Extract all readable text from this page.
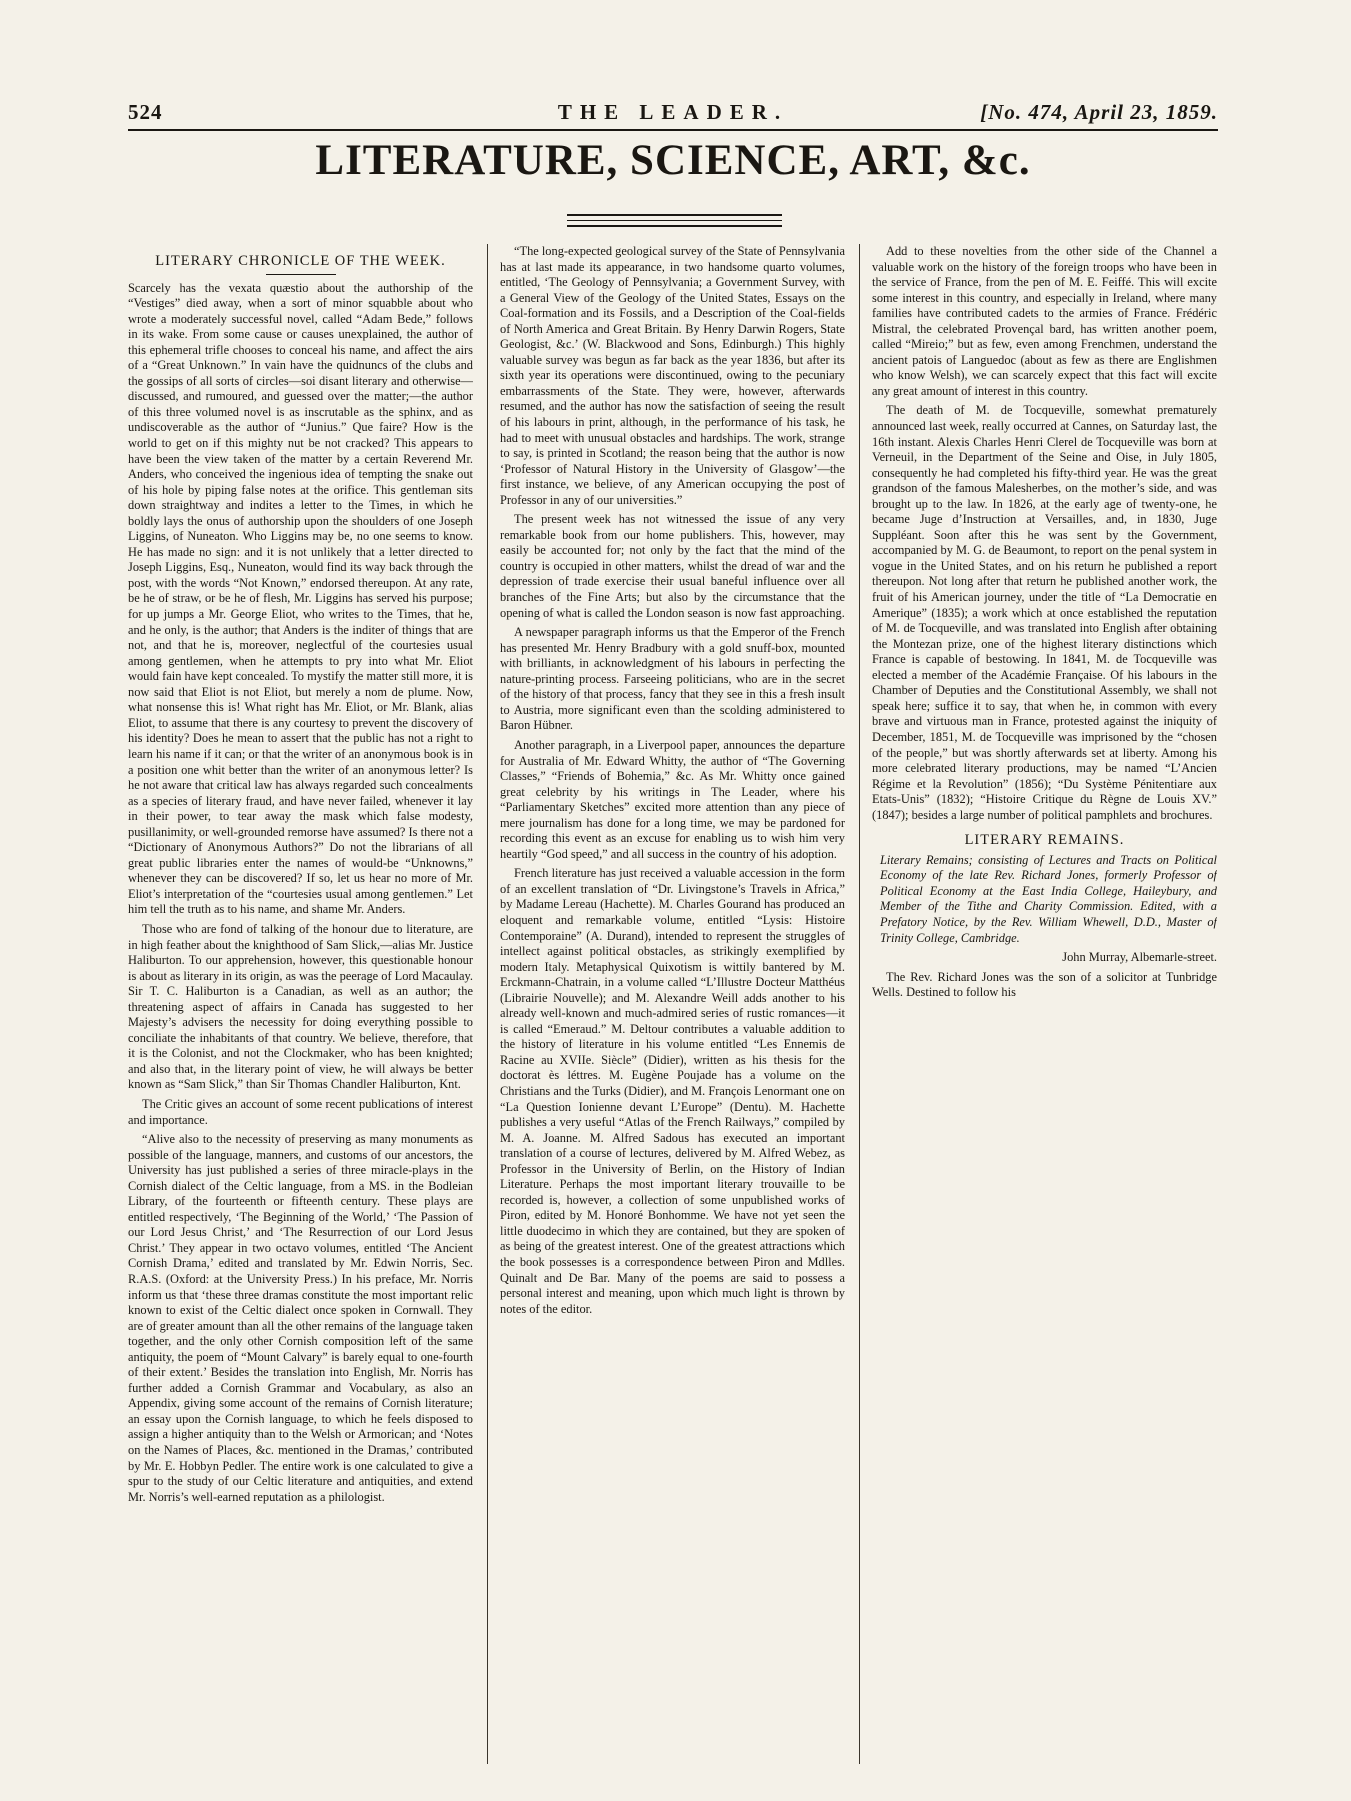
524	THE LEADER.	[No. 474, April 23, 1859.
LITERATURE, SCIENCE, ART, &c.
LITERARY CHRONICLE OF THE WEEK.

Scarcely has the vexata quæstio about the authorship of the “Vestiges” died away, when a sort of minor squabble about who wrote a moderately successful novel, called “Adam Bede,” follows in its wake. From some cause or causes unexplained, the author of this ephemeral trifle chooses to conceal his name, and affect the airs of a “Great Unknown.” In vain have the quidnuncs of the clubs and the gossips of all sorts of circles—soi disant literary and otherwise—discussed, and rumoured, and guessed over the matter;—the author of this three volumed novel is as inscrutable as the sphinx, and as undiscoverable as the author of “Junius.” Que faire? How is the world to get on if this mighty nut be not cracked? This appears to have been the view taken of the matter by a certain Reverend Mr. Anders, who conceived the ingenious idea of tempting the snake out of his hole by piping false notes at the orifice. This gentleman sits down straightway and indites a letter to the Times, in which he boldly lays the onus of authorship upon the shoulders of one Joseph Liggins, of Nuneaton. Who Liggins may be, no one seems to know. He has made no sign: and it is not unlikely that a letter directed to Joseph Liggins, Esq., Nuneaton, would find its way back through the post, with the words “Not Known,” endorsed thereupon. At any rate, be he of straw, or be he of flesh, Mr. Liggins has served his purpose; for up jumps a Mr. George Eliot, who writes to the Times, that he, and he only, is the author; that Anders is the inditer of things that are not, and that he is, moreover, neglectful of the courtesies usual among gentlemen, when he attempts to pry into what Mr. Eliot would fain have kept concealed. To mystify the matter still more, it is now said that Eliot is not Eliot, but merely a nom de plume. Now, what nonsense this is! What right has Mr. Eliot, or Mr. Blank, alias Eliot, to assume that there is any courtesy to prevent the discovery of his identity? Does he mean to assert that the public has not a right to learn his name if it can; or that the writer of an anonymous book is in a position one whit better than the writer of an anonymous letter? Is he not aware that critical law has always regarded such concealments as a species of literary fraud, and have never failed, whenever it lay in their power, to tear away the mask which false modesty, pusillanimity, or well-grounded remorse have assumed? Is there not a “Dictionary of Anonymous Authors?” Do not the librarians of all great public libraries enter the names of would-be “Unknowns,” whenever they can be discovered? If so, let us hear no more of Mr. Eliot’s interpretation of the “courtesies usual among gentlemen.” Let him tell the truth as to his name, and shame Mr. Anders.

Those who are fond of talking of the honour due to literature, are in high feather about the knighthood of Sam Slick,—alias Mr. Justice Haliburton. To our apprehension, however, this questionable honour is about as literary in its origin, as was the peerage of Lord Macaulay. Sir T. C. Haliburton is a Canadian, as well as an author; the threatening aspect of affairs in Canada has suggested to her Majesty’s advisers the necessity for doing everything possible to conciliate the inhabitants of that country. We believe, therefore, that it is the Colonist, and not the Clockmaker, who has been knighted; and also that, in the literary point of view, he will always be better known as “Sam Slick,” than Sir Thomas Chandler Haliburton, Knt.

The Critic gives an account of some recent publications of interest and importance.

“Alive also to the necessity of preserving as many monuments as possible of the language, manners, and customs of our ancestors, the University has just published a series of three miracle-plays in the Cornish dialect of the Celtic language, from a MS. in the Bodleian Library, of the fourteenth or fifteenth century. These plays are entitled respectively, ‘The Beginning of the World,’ ‘The Passion of our Lord Jesus Christ,’ and ‘The Resurrection of our Lord Jesus Christ.’ They appear in two octavo volumes, entitled ‘The Ancient Cornish Drama,’ edited and translated by Mr. Edwin Norris, Sec. R.A.S. (Oxford: at the University Press.) In his preface, Mr. Norris inform us that ‘these three dramas constitute the most important relic known to exist of the Celtic dialect once spoken in Cornwall. They are of greater amount than all the other remains of the language taken together, and the only other Cornish composition left of the same antiquity, the poem of “Mount Calvary” is barely equal to one-fourth of their extent.’ Besides the translation into English, Mr. Norris has further added a Cornish Grammar and Vocabulary, as also an Appendix, giving some account of the remains of Cornish literature; an essay upon the Cornish language, to which he feels disposed to assign a higher antiquity than to the Welsh or Armorican; and ‘Notes on the Names of Places, &c. mentioned in the Dramas,’ contributed by Mr. E. Hobbyn Pedler. The entire work is one calculated to give a spur to the study of our Celtic literature and antiquities, and extend Mr. Norris’s well-earned reputation as a philologist.

“The long-expected geological survey of the State of Pennsylvania has at last made its appearance, in two handsome quarto volumes, entitled, ‘The Geology of Pennsylvania; a Government Survey, with a General View of the Geology of the United States, Essays on the Coal-formation and its Fossils, and a Description of the Coal-fields of North America and Great Britain. By Henry Darwin Rogers, State Geologist, &c.’ (W. Blackwood and Sons, Edinburgh.) This highly valuable survey was begun as far back as the year 1836, but after its sixth year its operations were discontinued, owing to the pecuniary embarrassments of the State. They were, however, afterwards resumed, and the author has now the satisfaction of seeing the result of his labours in print, although, in the performance of his task, he had to meet with unusual obstacles and hardships. The work, strange to say, is printed in Scotland; the reason being that the author is now ‘Professor of Natural History in the University of Glasgow’—the first instance, we believe, of any American occupying the post of Professor in any of our universities.”

The present week has not witnessed the issue of any very remarkable book from our home publishers. This, however, may easily be accounted for; not only by the fact that the mind of the country is occupied in other matters, whilst the dread of war and the depression of trade exercise their usual baneful influence over all branches of the Fine Arts; but also by the circumstance that the opening of what is called the London season is now fast approaching.

A newspaper paragraph informs us that the Emperor of the French has presented Mr. Henry Bradbury with a gold snuff-box, mounted with brilliants, in acknowledgment of his labours in perfecting the nature-printing process. Farseeing politicians, who are in the secret of the history of that process, fancy that they see in this a fresh insult to Austria, more significant even than the scolding administered to Baron Hübner.

Another paragraph, in a Liverpool paper, announces the departure for Australia of Mr. Edward Whitty, the author of “The Governing Classes,” “Friends of Bohemia,” &c. As Mr. Whitty once gained great celebrity by his writings in The Leader, where his “Parliamentary Sketches” excited more attention than any piece of mere journalism has done for a long time, we may be pardoned for recording this event as an excuse for enabling us to wish him very heartily “God speed,” and all success in the country of his adoption.

French literature has just received a valuable accession in the form of an excellent translation of “Dr. Livingstone’s Travels in Africa,” by Madame Lereau (Hachette). M. Charles Gourand has produced an eloquent and remarkable volume, entitled “Lysis: Histoire Contemporaine” (A. Durand), intended to represent the struggles of intellect against political obstacles, as strikingly exemplified by modern Italy. Metaphysical Quixotism is wittily bantered by M. Erckmann-Chatrain, in a volume called “L’Illustre Docteur Matthéus (Librairie Nouvelle); and M. Alexandre Weill adds another to his already well-known and much-admired series of rustic romances—it is called “Emeraud.” M. Deltour contributes a valuable addition to the history of literature in his volume entitled “Les Ennemis de Racine au XVIIe. Siècle” (Didier), written as his thesis for the doctorat ès léttres. M. Eugène Poujade has a volume on the Christians and the Turks (Didier), and M. François Lenormant one on “La Question Ionienne devant L’Europe” (Dentu). M. Hachette publishes a very useful “Atlas of the French Railways,” compiled by M. A. Joanne. M. Alfred Sadous has executed an important translation of a course of lectures, delivered by M. Alfred Webez, as Professor in the University of Berlin, on the History of Indian Literature. Perhaps the most important literary trouvaille to be recorded is, however, a collection of some unpublished works of Piron, edited by M. Honoré Bonhomme. We have not yet seen the little duodecimo in which they are contained, but they are spoken of as being of the greatest interest. One of the greatest attractions which the book possesses is a correspondence between Piron and Mdlles. Quinalt and De Bar. Many of the poems are said to possess a personal interest and meaning, upon which much light is thrown by notes of the editor.

Add to these novelties from the other side of the Channel a valuable work on the history of the foreign troops who have been in the service of France, from the pen of M. E. Feiffé. This will excite some interest in this country, and especially in Ireland, where many families have contributed cadets to the armies of France. Frédéric Mistral, the celebrated Provençal bard, has written another poem, called “Mireio;” but as few, even among Frenchmen, understand the ancient patois of Languedoc (about as few as there are Englishmen who know Welsh), we can scarcely expect that this fact will excite any great amount of interest in this country.

The death of M. de Tocqueville, somewhat prematurely announced last week, really occurred at Cannes, on Saturday last, the 16th instant. Alexis Charles Henri Clerel de Tocqueville was born at Verneuil, in the Department of the Seine and Oise, in July 1805, consequently he had completed his fifty-third year. He was the great grandson of the famous Malesherbes, on the mother’s side, and was brought up to the law. In 1826, at the early age of twenty-one, he became Juge d’Instruction at Versailles, and, in 1830, Juge Suppléant. Soon after this he was sent by the Government, accompanied by M. G. de Beaumont, to report on the penal system in vogue in the United States, and on his return he published a report thereupon. Not long after that return he published another work, the fruit of his American journey, under the title of “La Democratie en Amerique” (1835); a work which at once established the reputation of M. de Tocqueville, and was translated into English after obtaining the Montezan prize, one of the highest literary distinctions which France is capable of bestowing. In 1841, M. de Tocqueville was elected a member of the Académie Française. Of his labours in the Chamber of Deputies and the Constitutional Assembly, we shall not speak here; suffice it to say, that when he, in common with every brave and virtuous man in France, protested against the iniquity of December, 1851, M. de Tocqueville was imprisoned by the “chosen of the people,” but was shortly afterwards set at liberty. Among his more celebrated literary productions, may be named “L’Ancien Régime et la Revolution” (1856); “Du Système Pénitentiare aux Etats-Unis” (1832); “Histoire Critique du Règne de Louis XV.” (1847); besides a large number of political pamphlets and brochures.

LITERARY REMAINS.

Literary Remains; consisting of Lectures and Tracts on Political Economy of the late Rev. Richard Jones, formerly Professor of Political Economy at the East India College, Haileybury, and Member of the Tithe and Charity Commission. Edited, with a Prefatory Notice, by the Rev. William Whewell, D.D., Master of Trinity College, Cambridge.

John Murray, Albemarle-street.

The Rev. Richard Jones was the son of a solicitor at Tunbridge Wells. Destined to follow his
